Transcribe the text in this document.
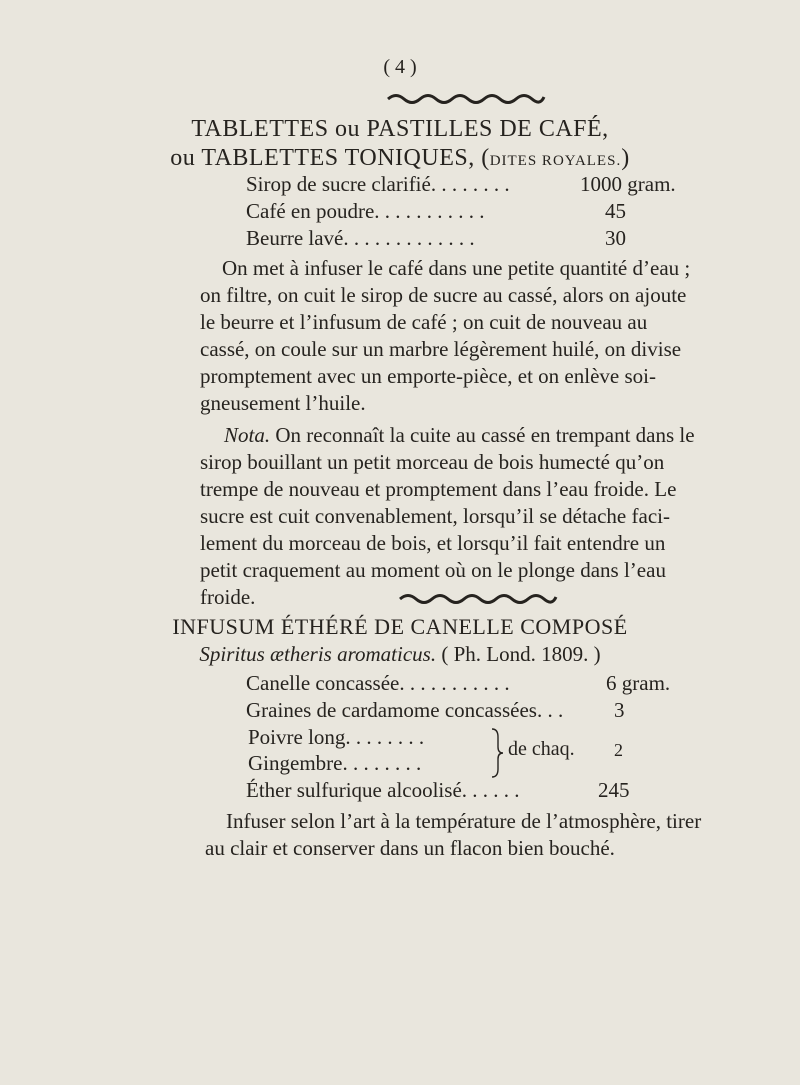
( 4 )
TABLETTES ou PASTILLES DE CAFÉ,
ou TABLETTES TONIQUES, (DITES ROYALES.)
Sirop de sucre clarifié. . . . . . . .	1000 gram.
Café en poudre. . . . . . . . . . .	45
Beurre lavé. . . . . . . . . . . . .	30
On met à infuser le café dans une petite quantité d’eau ;
on filtre, on cuit le sirop de sucre au cassé, alors on ajoute
le beurre et l’infusum de café ; on cuit de nouveau au
cassé, on coule sur un marbre légèrement huilé, on divise
promptement avec un emporte-pièce, et on enlève soi-
gneusement l’huile.
Nota. On reconnaît la cuite au cassé en trempant dans le
sirop bouillant un petit morceau de bois humecté qu’on
trempe de nouveau et promptement dans l’eau froide. Le
sucre est cuit convenablement, lorsqu’il se détache faci-
lement du morceau de bois, et lorsqu’il fait entendre un
petit craquement au moment où on le plonge dans l’eau
froide.
INFUSUM ÉTHÉRÉ DE CANELLE COMPOSÉ
Spiritus ætheris aromaticus. ( Ph. Lond. 1809. )
Canelle concassée. . . . . . . . . . .	6 gram.
Graines de cardamome concassées. . . 3
Poivre long. . . . . . . .
Gingembre. . . . . . . .
de chaq. 2
Éther sulfurique alcoolisé. . . . . .	245
Infuser selon l’art à la température de l’atmosphère, tirer
au clair et conserver dans un flacon bien bouché.
